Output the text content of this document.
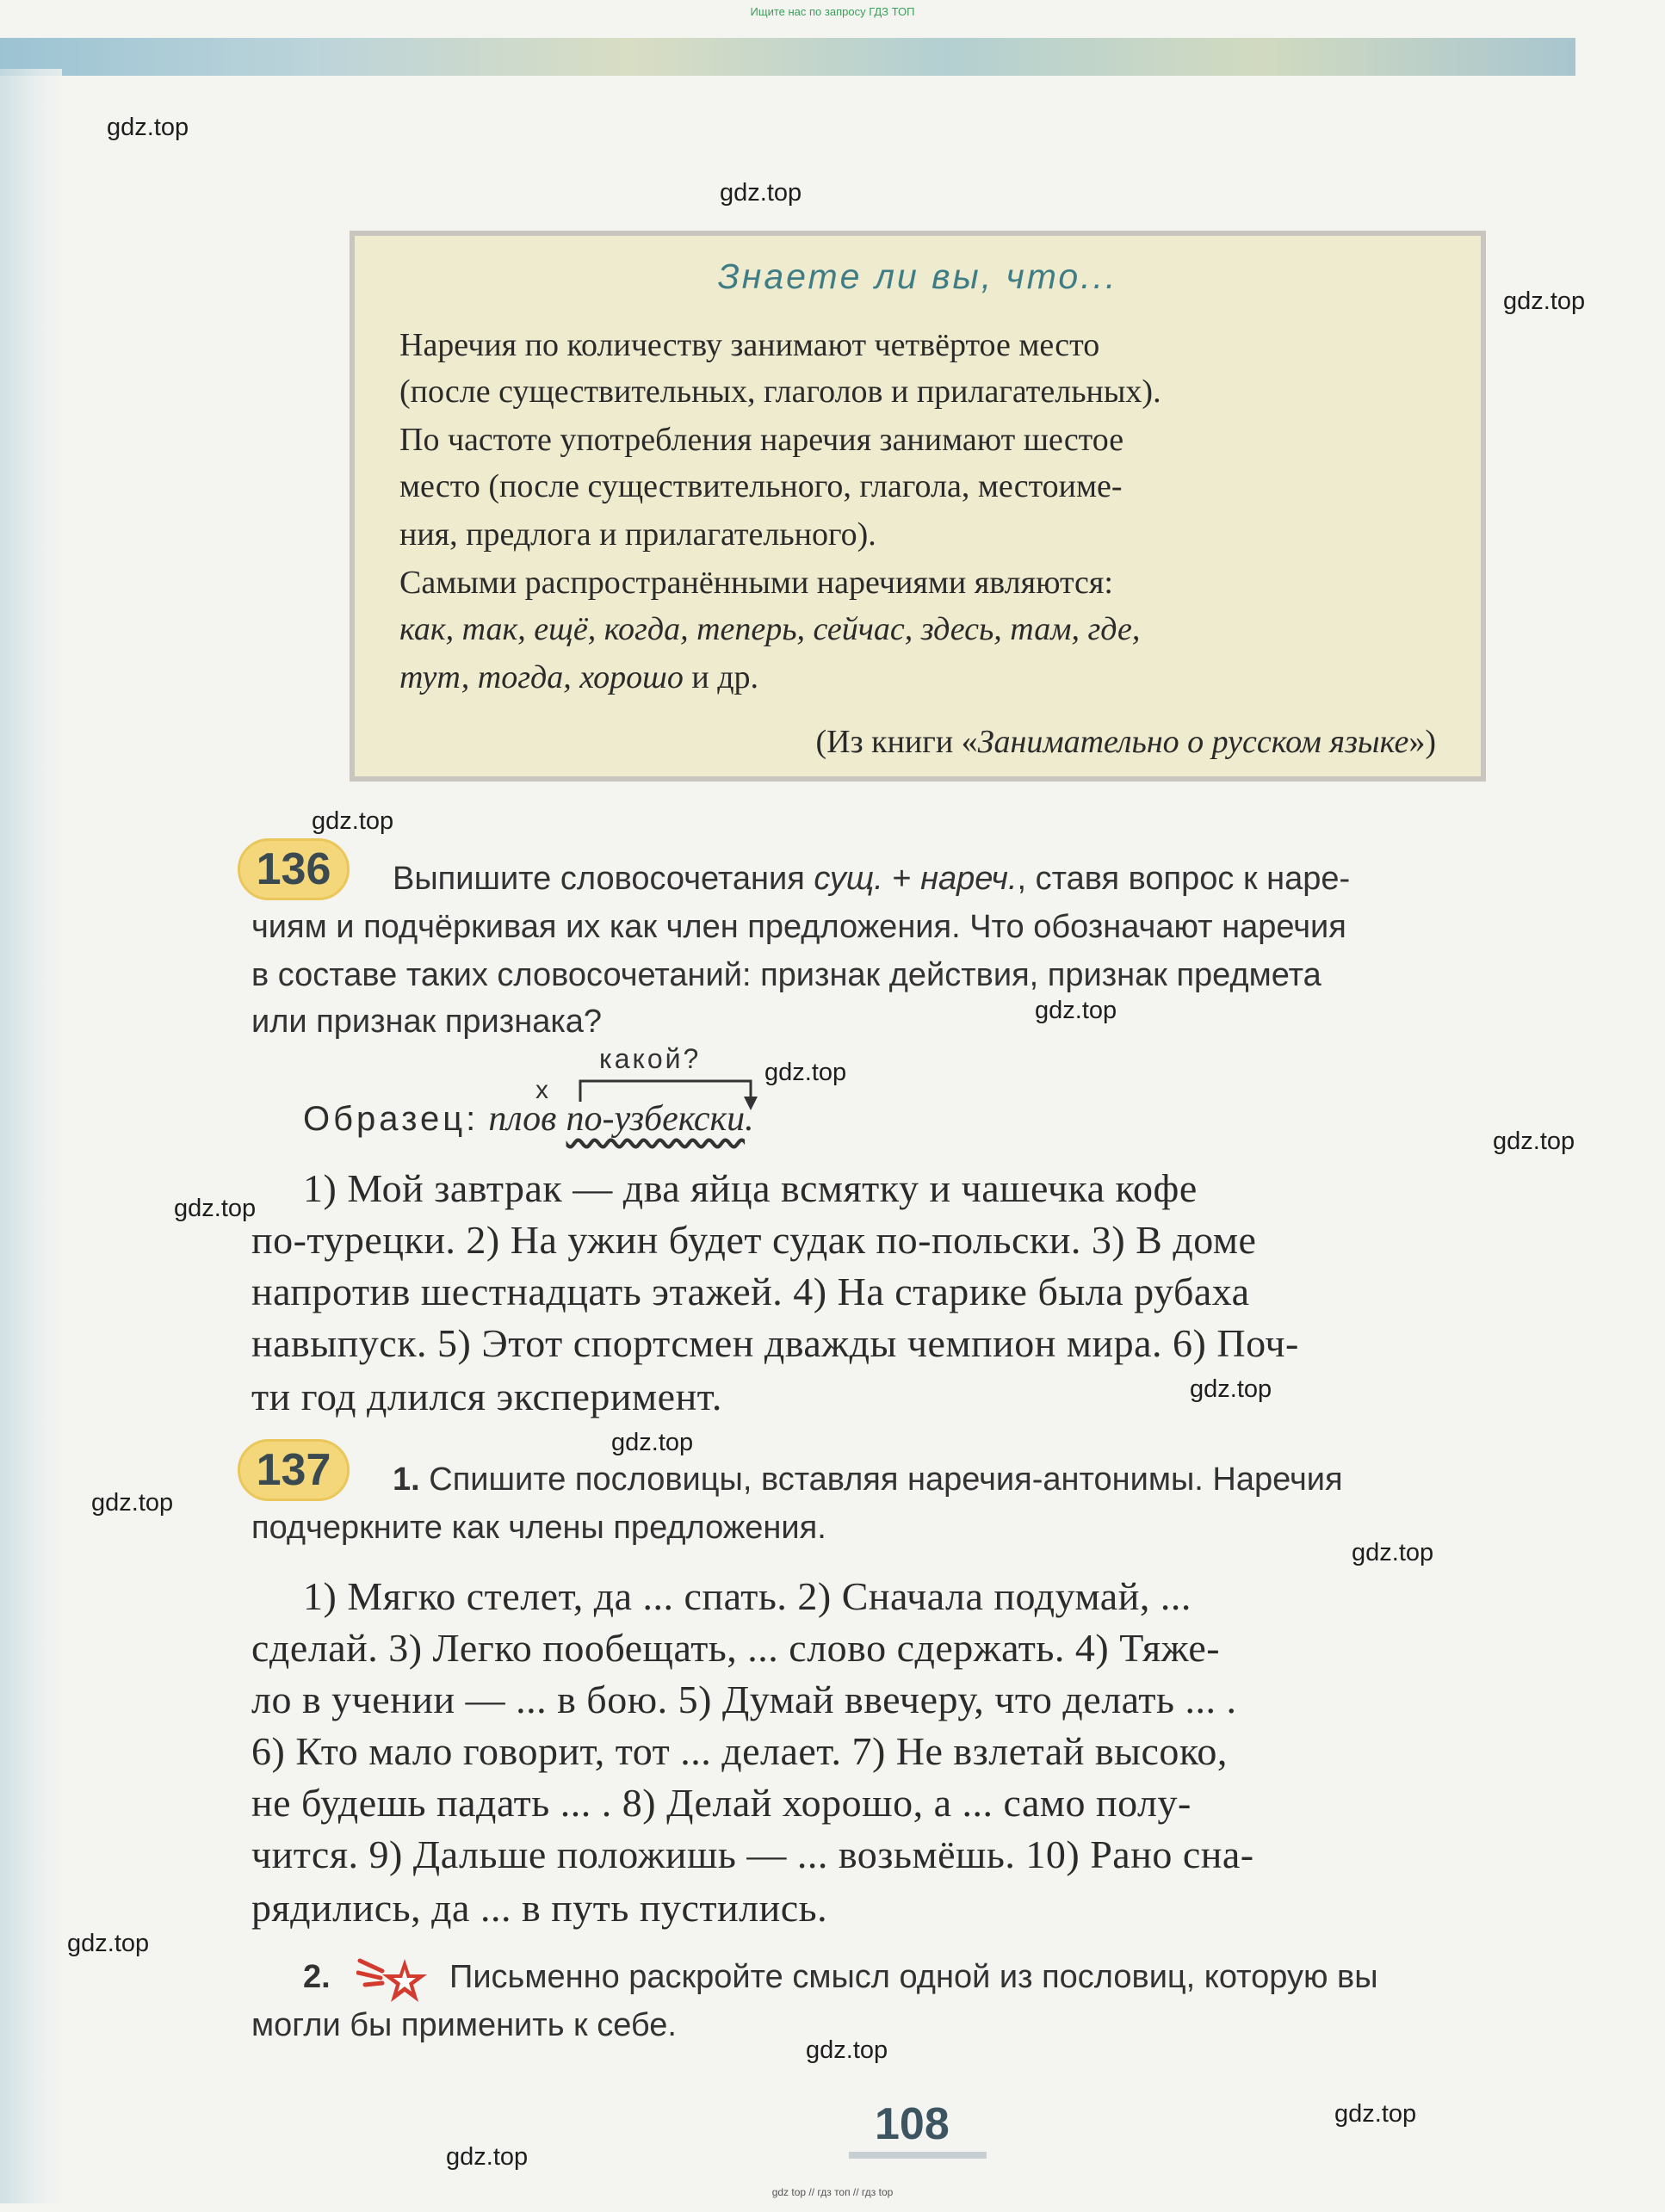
Ищите нас по запросу ГДЗ ТОП
gdz.top
gdz.top
gdz.top
gdz.top
gdz.top
gdz.top
gdz.top
gdz.top
gdz.top
gdz.top
gdz.top
gdz.top
gdz.top
gdz.top
gdz.top
gdz.top
Знаете ли вы, что...
Наречия по количеству занимают четвёртое место
(после существительных, глаголов и прилагательных).
По частоте употребления наречия занимают шестое
место (после существительного, глагола, местоиме-
ния, предлога и прилагательного).
Самыми распространёнными наречиями являются:
как, так, ещё, когда, теперь, сейчас, здесь, там, где,
тут, тогда, хорошо и др.
(Из книги «Занимательно о русском языке»)
136	Выпишите словосочетания сущ. + нареч., ставя вопрос к наре-
чиям и подчёркивая их как член предложения. Что обозначают наречия
в составе таких словосочетаний: признак действия, признак предмета
или признак признака?
какой?
x
Образец: плов по-узбекски.
1) Мой завтрак — два яйца всмятку и чашечка кофе
по-турецки. 2) На ужин будет судак по-польски. 3) В доме
напротив шестнадцать этажей. 4) На старике была рубаха
навыпуск. 5) Этот спортсмен дважды чемпион мира. 6) Поч-
ти год длился эксперимент.
137	1. Спишите пословицы, вставляя наречия-антонимы. Наречия
подчеркните как члены предложения.
1) Мягко стелет, да ... спать. 2) Сначала подумай, ...
сделай. 3) Легко пообещать, ... слово сдержать. 4) Тяже-
ло в учении — ... в бою. 5) Думай ввечеру, что делать ... .
6) Кто мало говорит, тот ... делает. 7) Не взлетай высоко,
не будешь падать ... . 8) Делай хорошо, а ... само полу-
чится. 9) Дальше положишь — ... возьмёшь. 10) Рано сна-
рядились, да ... в путь пустились.
2.	Письменно раскройте смысл одной из пословиц, которую вы
могли бы применить к себе.
108
gdz top // гдз топ // гдз top
